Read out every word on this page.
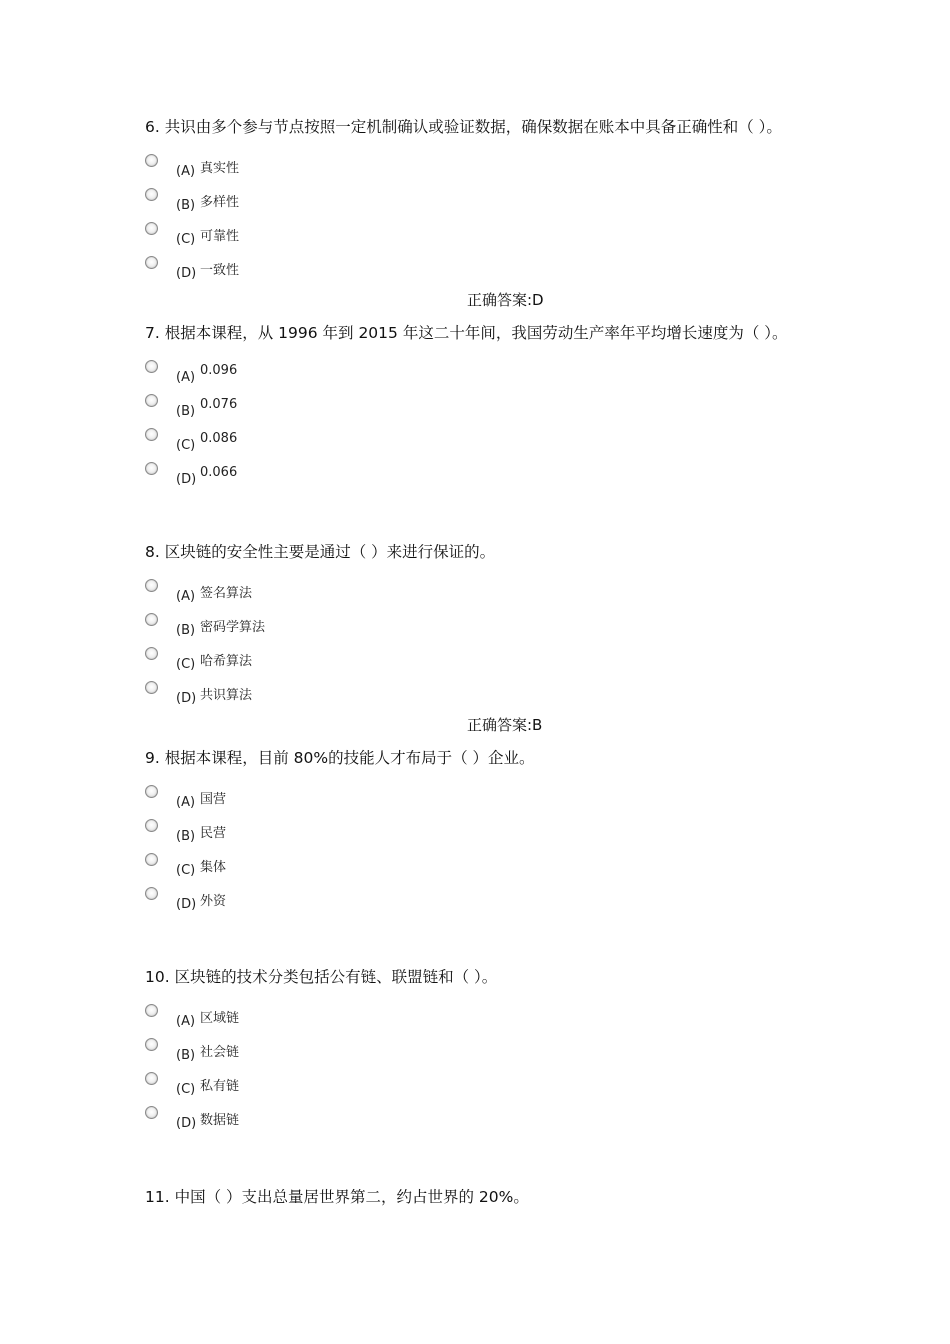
6. 共识由多个参与节点按照一定机制确认或验证数据，确保数据在账本中具备正确性和（ ）。
(A) 真实性
(B) 多样性
(C) 可靠性
(D) 一致性
正确答案:D
7. 根据本课程，从 1996 年到 2015 年这二十年间，我国劳动生产率年平均增长速度为（ ）。
(A) 0.096
(B) 0.076
(C) 0.086
(D) 0.066
8. 区块链的安全性主要是通过（ ）来进行保证的。
(A) 签名算法
(B) 密码学算法
(C) 哈希算法
(D) 共识算法
正确答案:B
9. 根据本课程，目前 80%的技能人才布局于（ ）企业。
(A) 国营
(B) 民营
(C) 集体
(D) 外资
10. 区块链的技术分类包括公有链、联盟链和（ ）。
(A) 区域链
(B) 社会链
(C) 私有链
(D) 数据链
11. 中国（ ）支出总量居世界第二，约占世界的 20%。
